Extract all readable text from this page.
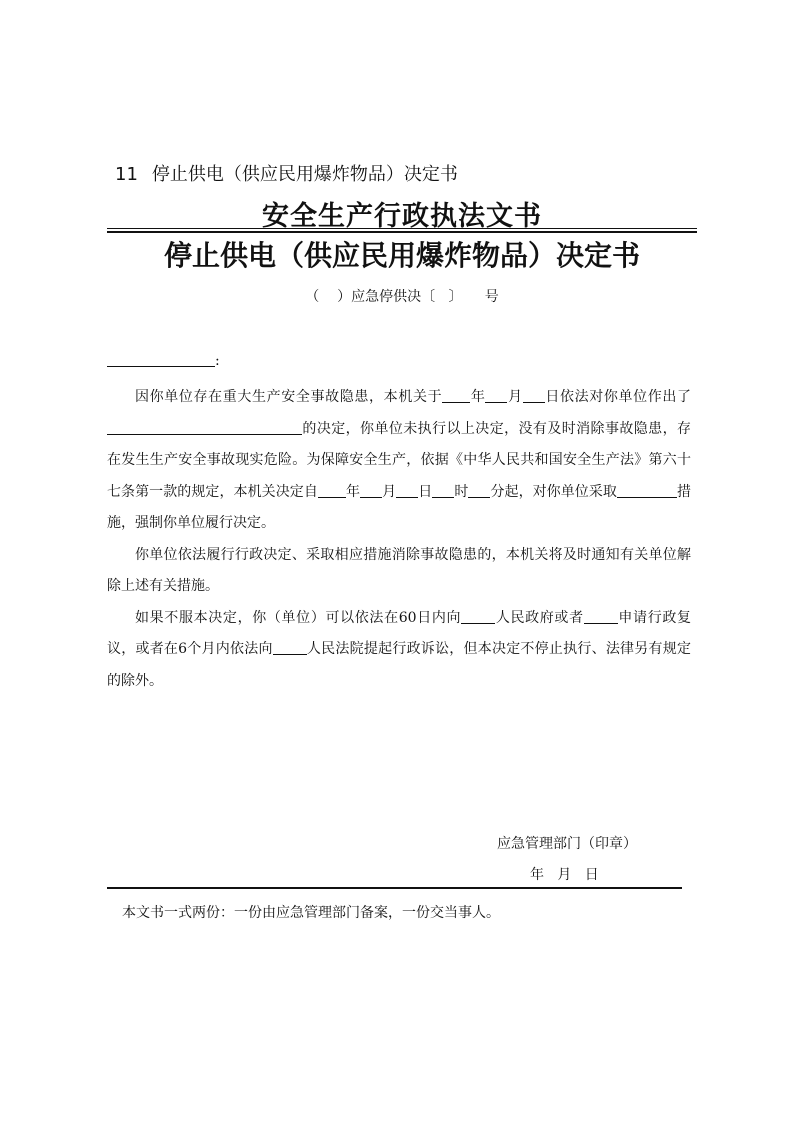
11 停止供电（供应民用爆炸物品）决定书
安全生产行政执法文书
停止供电（供应民用爆炸物品）决定书
（    ）应急停供决〔   〕     号
:

因你单位存在重大生产安全事故隐患，本机关于 年 月 日依法对你单位作出了的决定，你单位未执行以上决定，没有及时消除事故隐患，存在发生生产安全事故现实危险。为保障安全生产，依据《中华人民共和国安全生产法》第六十七条第一款的规定，本机关决定自 年 月 日 时 分起，对你单位采取	措施，强制你单位履行决定。

你单位依法履行行政决定、采取相应措施消除事故隐患的，本机关将及时通知有关单位解除上述有关措施。

如果不服本决定，你（单位）可以依法在60日内向 人民政府或者 申请行政复议，或者在6个月内依法向 人民法院提起行政诉讼，但本决定不停止执行、法律另有规定的除外。

应急管理部门（印章）
年   月   日
本文书一式两份：一份由应急管理部门备案，一份交当事人。
